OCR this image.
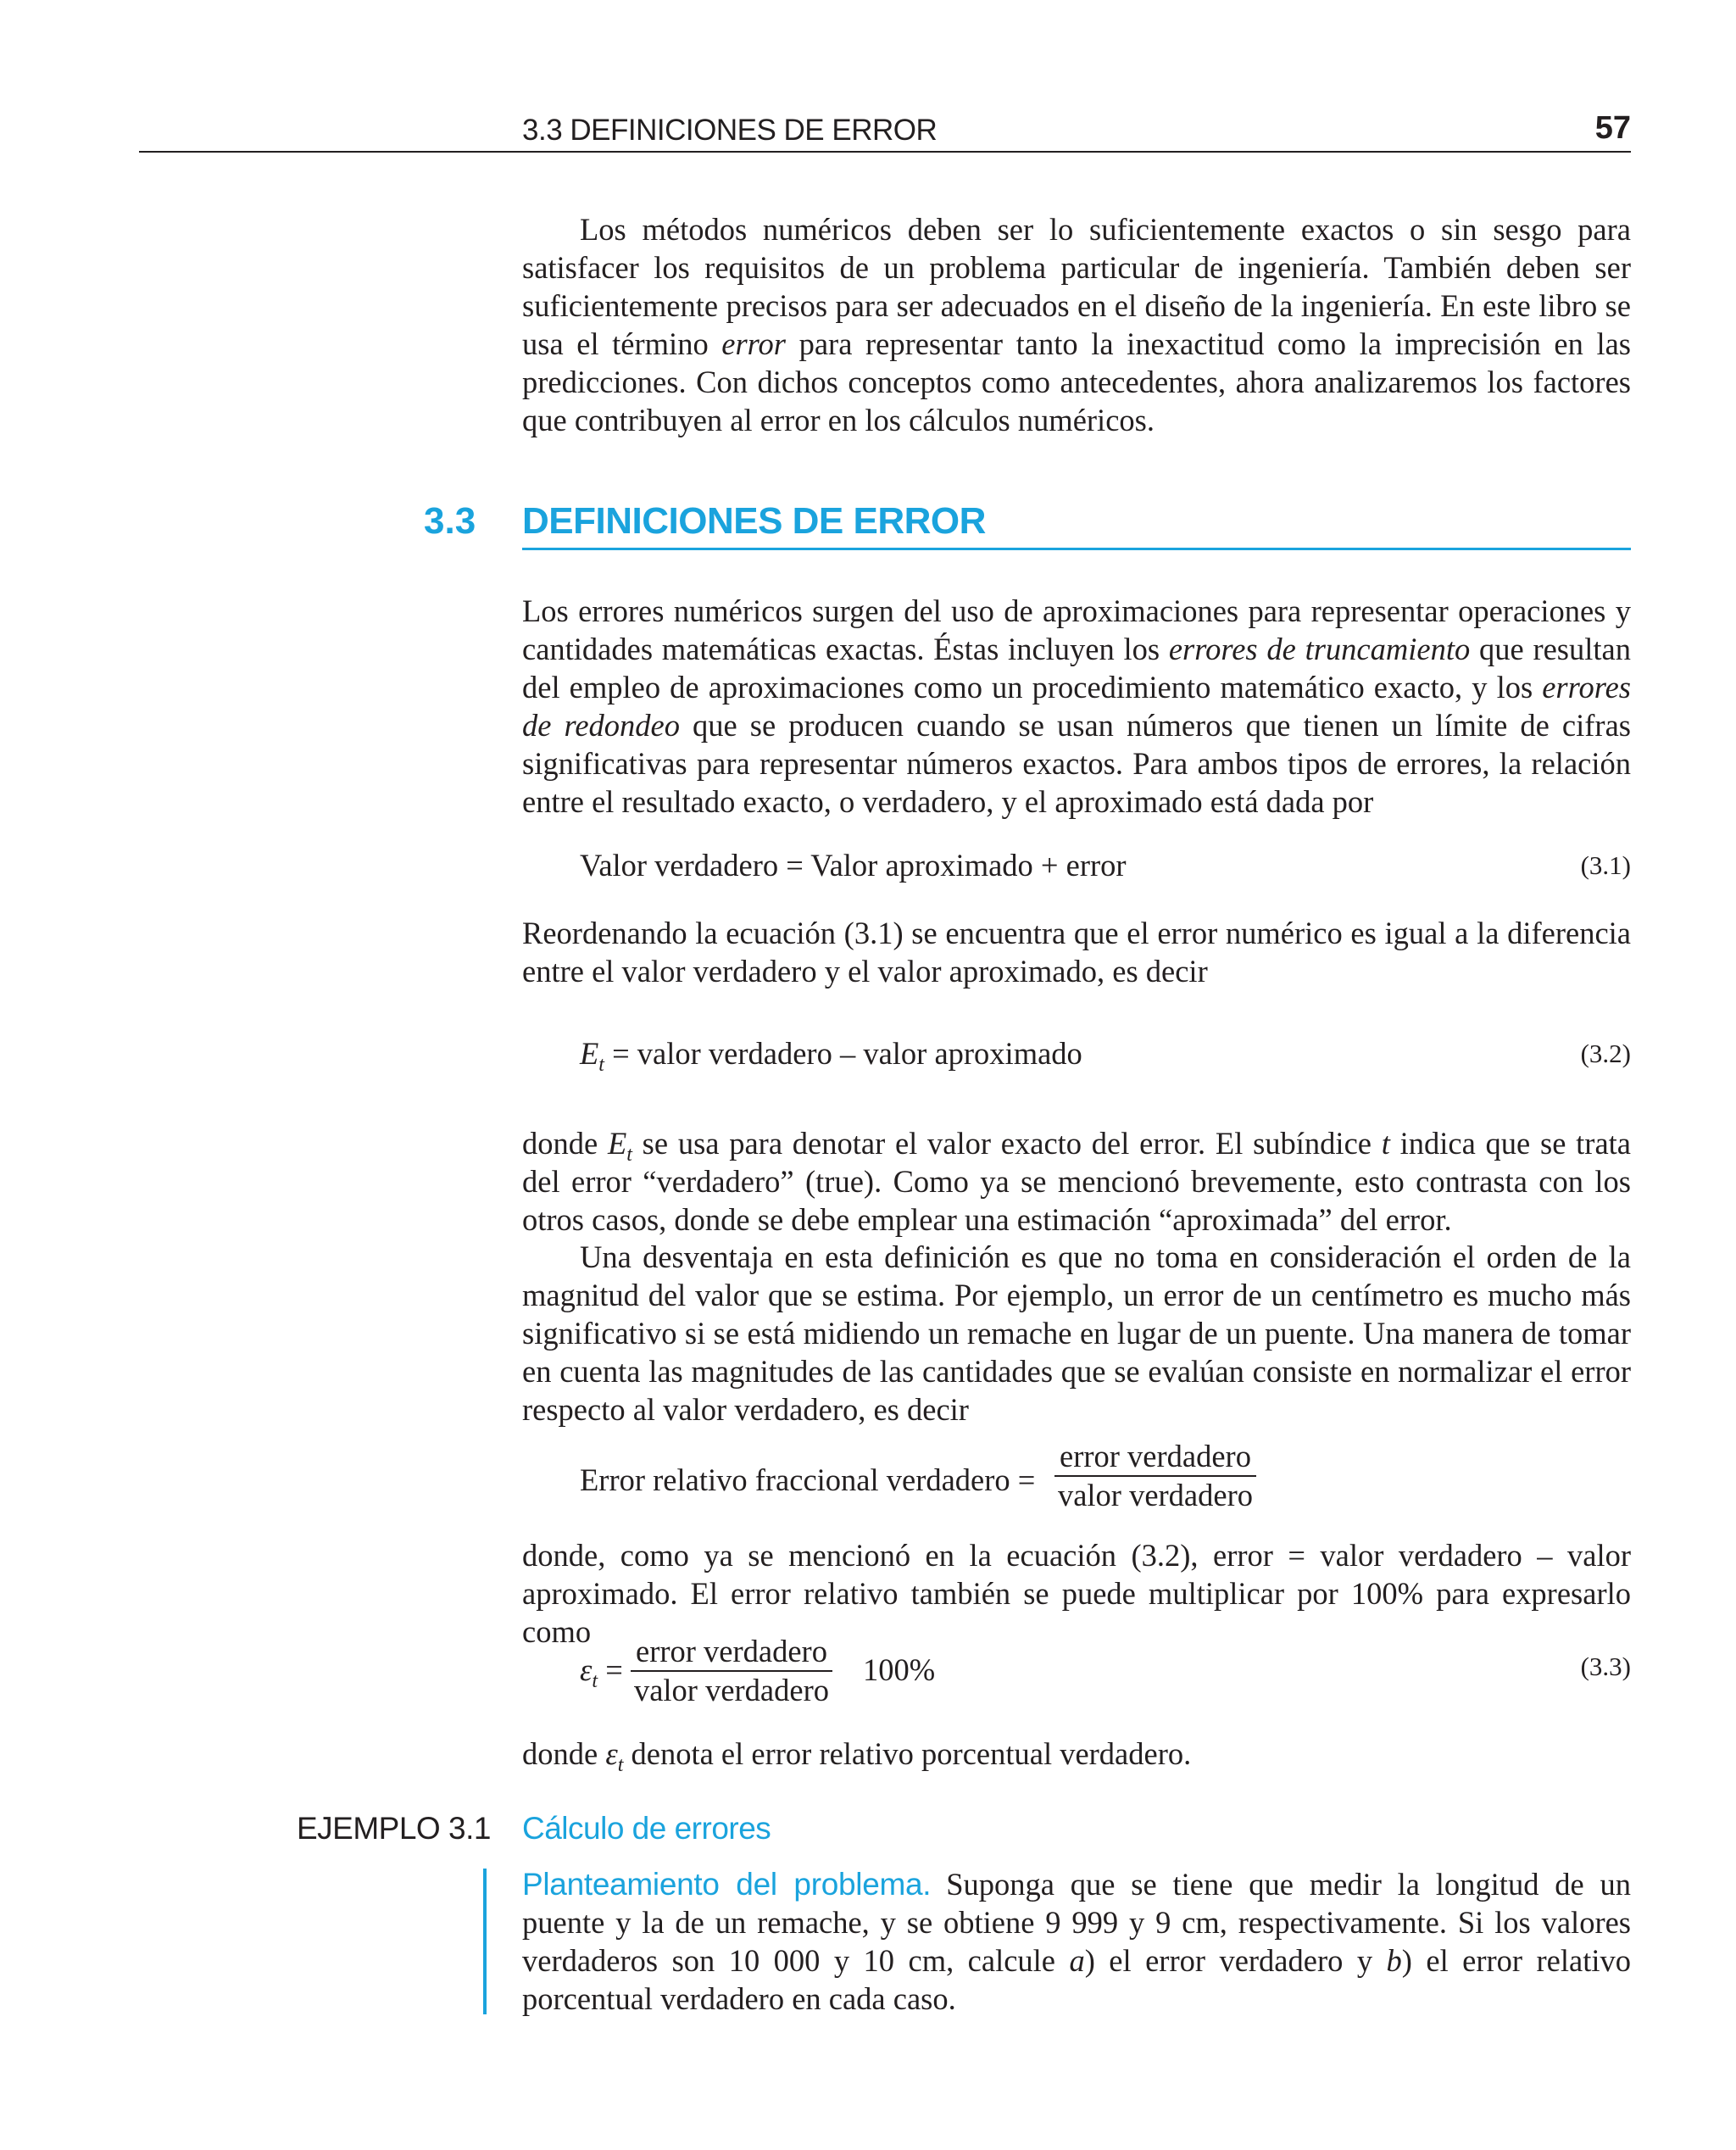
3.3 DEFINICIONES DE ERROR	57

Los métodos numéricos deben ser lo suficientemente exactos o sin sesgo para satisfacer los requisitos de un problema particular de ingeniería. También deben ser suficientemente precisos para ser adecuados en el diseño de la ingeniería. En este libro se usa el término error para representar tanto la inexactitud como la imprecisión en las predicciones. Con dichos conceptos como antecedentes, ahora analizaremos los factores que contribuyen al error en los cálculos numéricos.

3.3 DEFINICIONES DE ERROR

Los errores numéricos surgen del uso de aproximaciones para representar operaciones y cantidades matemáticas exactas. Éstas incluyen los errores de truncamiento que resultan del empleo de aproximaciones como un procedimiento matemático exacto, y los errores de redondeo que se producen cuando se usan números que tienen un límite de cifras significativas para representar números exactos. Para ambos tipos de errores, la relación entre el resultado exacto, o verdadero, y el aproximado está dada por

Valor verdadero = Valor aproximado + error	(3.1)

Reordenando la ecuación (3.1) se encuentra que el error numérico es igual a la diferencia entre el valor verdadero y el valor aproximado, es decir

$E_t$ = valor verdadero – valor aproximado	(3.2)

donde $E_t$ se usa para denotar el valor exacto del error. El subíndice t indica que se trata del error “verdadero” (true). Como ya se mencionó brevemente, esto contrasta con los otros casos, donde se debe emplear una estimación “aproximada” del error.

Una desventaja en esta definición es que no toma en consideración el orden de la magnitud del valor que se estima. Por ejemplo, un error de un centímetro es mucho más significativo si se está midiendo un remache en lugar de un puente. Una manera de tomar en cuenta las magnitudes de las cantidades que se evalúan consiste en normalizar el error respecto al valor verdadero, es decir

Error relativo fraccional verdadero =
error verdadero
valor verdadero

donde, como ya se mencionó en la ecuación (3.2), error = valor verdadero – valor aproximado. El error relativo también se puede multiplicar por 100% para expresarlo como

$\varepsilon_t$ =
error verdadero
valor verdadero
100%	(3.3)

donde $\varepsilon_t$ denota el error relativo porcentual verdadero.

EJEMPLO 3.1 Cálculo de errores

Planteamiento del problema. Suponga que se tiene que medir la longitud de un puente y la de un remache, y se obtiene 9 999 y 9 cm, respectivamente. Si los valores verdaderos son 10 000 y 10 cm, calcule a) el error verdadero y b) el error relativo porcentual verdadero en cada caso.
